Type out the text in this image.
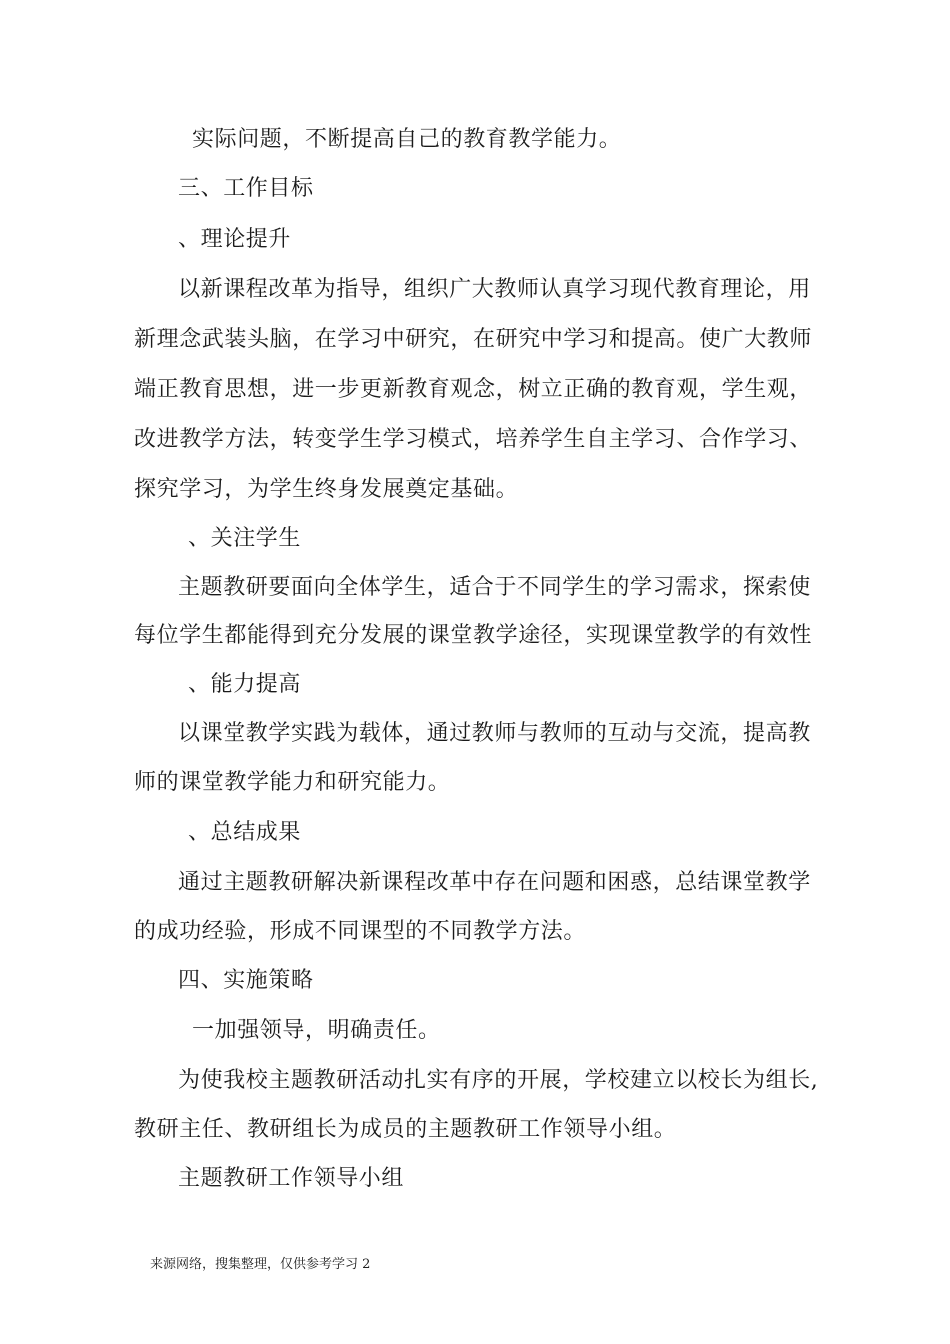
实际问题，不断提高自己的教育教学能力。

三、工作目标

、理论提升

以新课程改革为指导，组织广大教师认真学习现代教育理论，用

新理念武装头脑，在学习中研究，在研究中学习和提高。使广大教师

端正教育思想，进一步更新教育观念，树立正确的教育观，学生观，

改进教学方法，转变学生学习模式，培养学生自主学习、合作学习、

探究学习，为学生终身发展奠定基础。

、关注学生

主题教研要面向全体学生，适合于不同学生的学习需求，探索使

每位学生都能得到充分发展的课堂教学途径，实现课堂教学的有效性

、能力提高

以课堂教学实践为载体，通过教师与教师的互动与交流，提高教

师的课堂教学能力和研究能力。

、总结成果

通过主题教研解决新课程改革中存在问题和困惑，总结课堂教学

的成功经验，形成不同课型的不同教学方法。

四、实施策略

一加强领导，明确责任。

为使我校主题教研活动扎实有序的开展，学校建立以校长为组长,

教研主任、教研组长为成员的主题教研工作领导小组。

主题教研工作领导小组

来源网络，搜集整理，仅供参考学习 2
